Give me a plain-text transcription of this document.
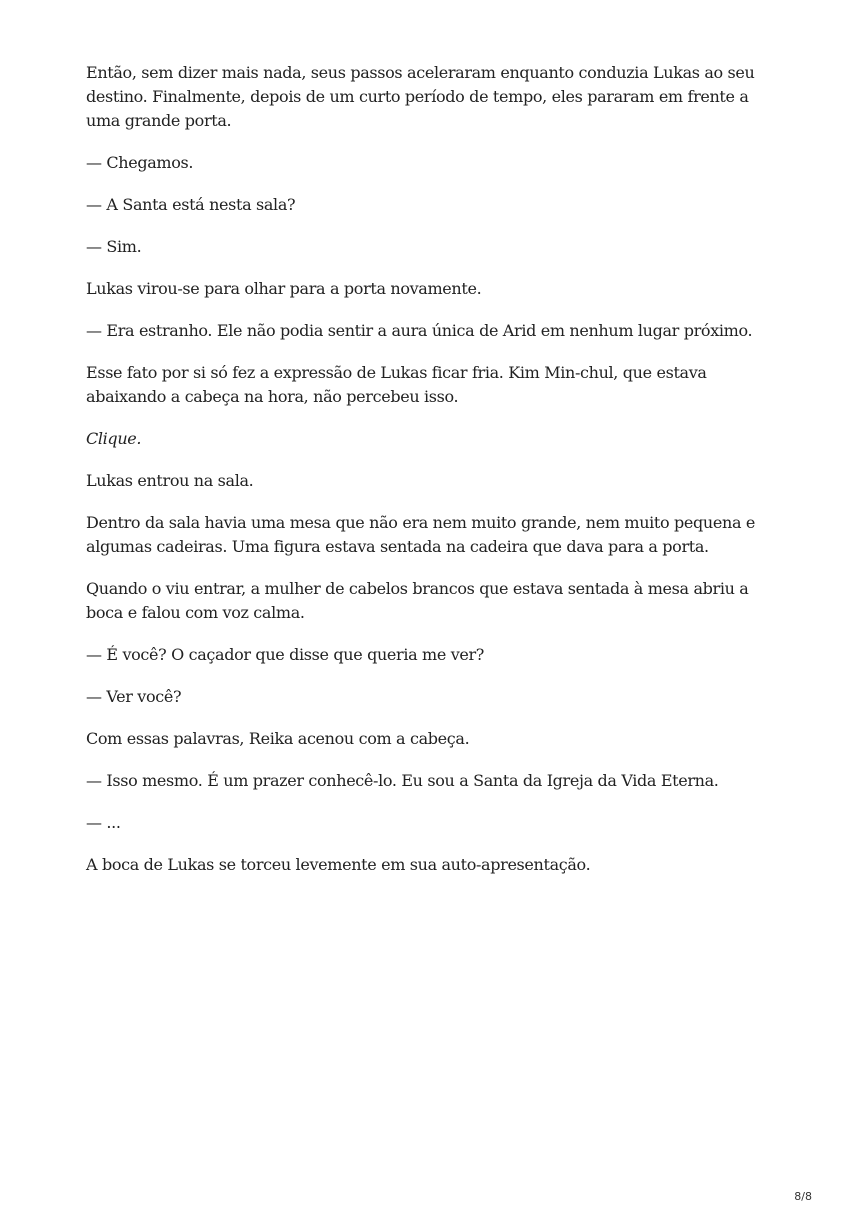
Então, sem dizer mais nada, seus passos aceleraram enquanto conduzia Lukas ao seu destino. Finalmente, depois de um curto período de tempo, eles pararam em frente a uma grande porta.

— Chegamos.

— A Santa está nesta sala?

— Sim.

Lukas virou-se para olhar para a porta novamente.

— Era estranho. Ele não podia sentir a aura única de Arid em nenhum lugar próximo.

Esse fato por si só fez a expressão de Lukas ficar fria. Kim Min-chul, que estava abaixando a cabeça na hora, não percebeu isso.

Clique.

Lukas entrou na sala.

Dentro da sala havia uma mesa que não era nem muito grande, nem muito pequena e algumas cadeiras. Uma figura estava sentada na cadeira que dava para a porta.

Quando o viu entrar, a mulher de cabelos brancos que estava sentada à mesa abriu a boca e falou com voz calma.

— É você? O caçador que disse que queria me ver?

— Ver você?

Com essas palavras, Reika acenou com a cabeça.

— Isso mesmo. É um prazer conhecê-lo. Eu sou a Santa da Igreja da Vida Eterna.

— ...

A boca de Lukas se torceu levemente em sua auto-apresentação.

8/8
